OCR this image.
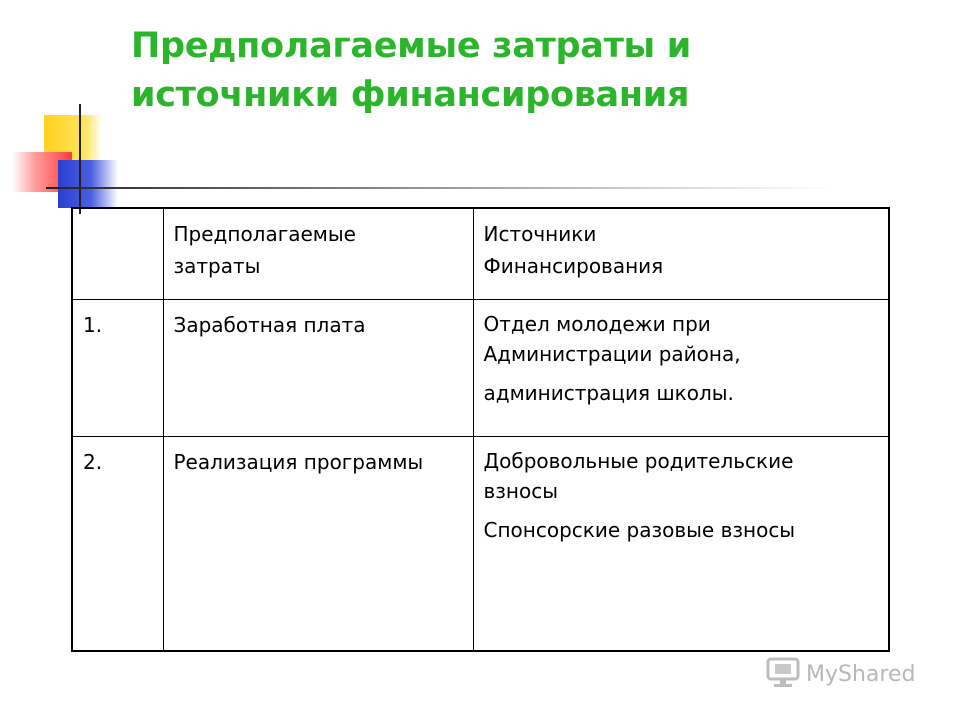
Предполагаемые затраты и
источники финансирования

	Предполагаемые
затраты	Источники
Финансирования

1.	Заработная плата	Отдел молодежи при
Администрации района,
администрация школы.

2.	Реализация программы	Добровольные родительские
взносы
Спонсорские разовые взносы
MyShared
